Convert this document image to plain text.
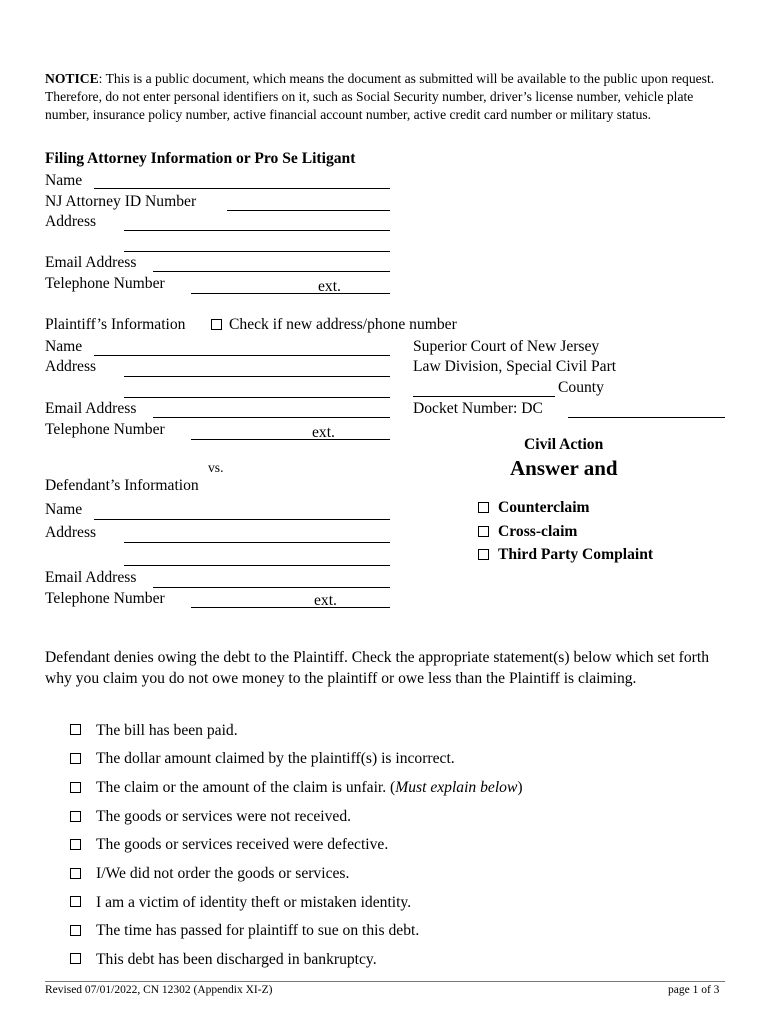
NOTICE: This is a public document, which means the document as submitted will be available to the public upon request. Therefore, do not enter personal identifiers on it, such as Social Security number, driver’s license number, vehicle plate number, insurance policy number, active financial account number, active credit card number or military status.
Filing Attorney Information or Pro Se Litigant
Name
NJ Attorney ID Number
Address
Email Address
Telephone Number	ext.
Plaintiff’s Information	Check if new address/phone number
Name
Address
Email Address
Telephone Number	ext.
Superior Court of New Jersey
Law Division, Special Civil Part
County
Docket Number: DC
Civil Action
Answer and
Counterclaim
Cross-claim
Third Party Complaint
vs.
Defendant’s Information
Name
Address
Email Address
Telephone Number	ext.
Defendant denies owing the debt to the Plaintiff. Check the appropriate statement(s) below which set forth why you claim you do not owe money to the plaintiff or owe less than the Plaintiff is claiming.
The bill has been paid.
The dollar amount claimed by the plaintiff(s) is incorrect.
The claim or the amount of the claim is unfair. (Must explain below)
The goods or services were not received.
The goods or services received were defective.
I/We did not order the goods or services.
I am a victim of identity theft or mistaken identity.
The time has passed for plaintiff to sue on this debt.
This debt has been discharged in bankruptcy.
Revised 07/01/2022, CN 12302 (Appendix XI-Z)	page 1 of 3
